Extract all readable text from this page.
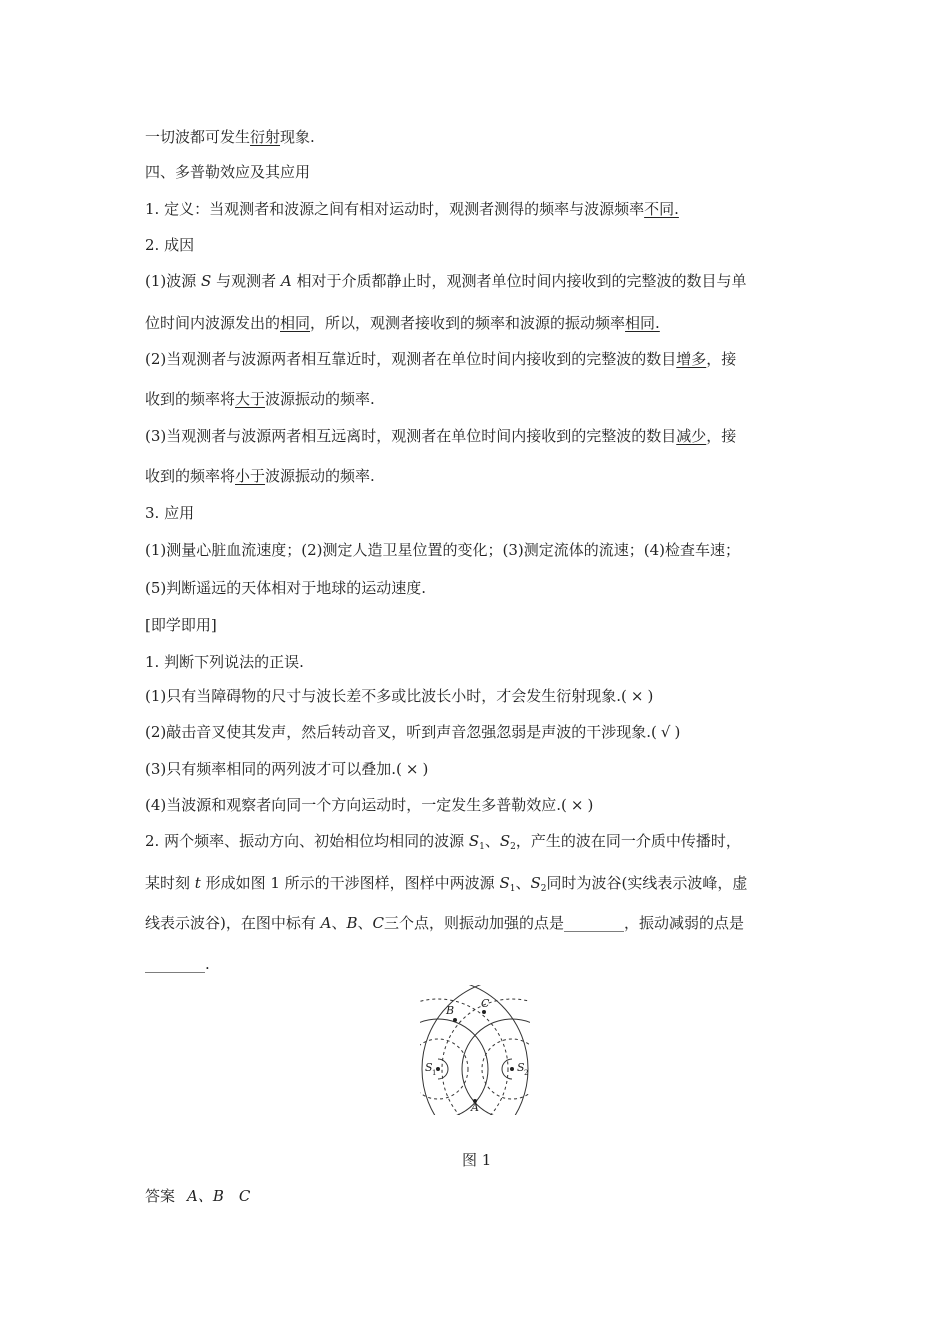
一切波都可发生衍射现象.
四、多普勒效应及其应用
1. 定义：当观测者和波源之间有相对运动时，观测者测得的频率与波源频率不同.
2. 成因
(1)波源 S 与观测者 A 相对于介质都静止时，观测者单位时间内接收到的完整波的数目与单
位时间内波源发出的相同，所以，观测者接收到的频率和波源的振动频率相同.
(2)当观测者与波源两者相互靠近时，观测者在单位时间内接收到的完整波的数目增多，接
收到的频率将大于波源振动的频率.
(3)当观测者与波源两者相互远离时，观测者在单位时间内接收到的完整波的数目减少，接
收到的频率将小于波源振动的频率.
3. 应用
(1)测量心脏血流速度；(2)测定人造卫星位置的变化；(3)测定流体的流速；(4)检查车速；
(5)判断遥远的天体相对于地球的运动速度.
[即学即用]
1. 判断下列说法的正误.
(1)只有当障碍物的尺寸与波长差不多或比波长小时，才会发生衍射现象.( × )
(2)敲击音叉使其发声，然后转动音叉，听到声音忽强忽弱是声波的干涉现象.( √ )
(3)只有频率相同的两列波才可以叠加.( × )
(4)当波源和观察者向同一个方向运动时，一定发生多普勒效应.( × )
2. 两个频率、振动方向、初始相位均相同的波源 $S_1$、$S_2$，产生的波在同一介质中传播时，
某时刻 t 形成如图 1 所示的干涉图样，图样中两波源 $S_1$、$S_2$同时为波谷(实线表示波峰，虚
线表示波谷)，在图中标有 A、B、C三个点，则振动加强的点是________，振动减弱的点是
________.
A
B
C
S	S
1	2
图 1
答案 A、B　C
